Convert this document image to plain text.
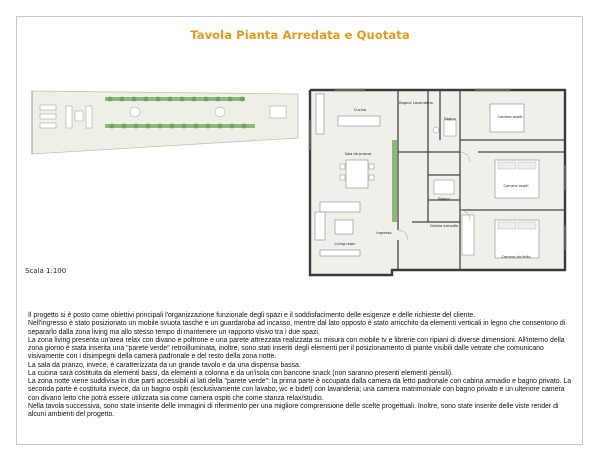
Tavola Pianta Arredata e Quotata
Cucina
Sala da pranzo
Living room
Ingresso
Bagno/ Lavanderia
Bagno	Camera ospiti
Camera ospiti
Bagno
Cabina armadio
Camera da letto
Scala 1:100

Il progetto si è posto come obiettivi principali l'organizzazione funzionale degli spazi e il soddisfacimento delle esigenze e delle richieste del cliente.

Nell'ingresso è stato posizionato un mobile svuota tasche e un guardaroba ad incasso, mentre dal lato opposto è stato arricchito da elementi verticali in legno che consentono di separarlo dalla zona living ma allo stesso tempo di mantenere un rapporto visivo tra i due spazi.

La zona living presenta un'area relax con divano e poltrone e una parete attrezzata realizzata su misura con mobile tv e librerie con ripiani di diverse dimensioni. All'interno della zona giorno è stata inserita una "parete verde" retroilluminata, inoltre, sono stati inseriti degli elementi per il posizionamento di piante visibili dalle vetrate che comunicano visivamente con i disimpegni della camera padronale e del resto della zona notte.

La sala da pranzo, invece, è caratterizzata da un grande tavolo e da una dispensa bassa.

La cucina sarà costituita da elementi bassi, da elementi a colonna e da un'isola con bancone snack (non saranno presenti elementi pensili).

La zona notte viene suddivisa in due parti accessibili ai lati della "parete verde": la prima parte è occupata dalla camera da letto padronale con cabina armadio e bagno privato. La seconda parte è costituita invece, da un bagno ospiti (esclusivamente con lavabo, wc e bidet) con lavanderia; una camera matrimoniale con bagno privato e un ulteriore camera con divano letto che potrà essere utilizzata sia come camera ospiti che come stanza relax/studio.

Nella tavola successiva, sono state inserite delle immagini di riferimento per una migliore comprensione delle scelte progettuali. Inoltre, sono state inserite delle viste render di alcuni ambienti del progetto.
